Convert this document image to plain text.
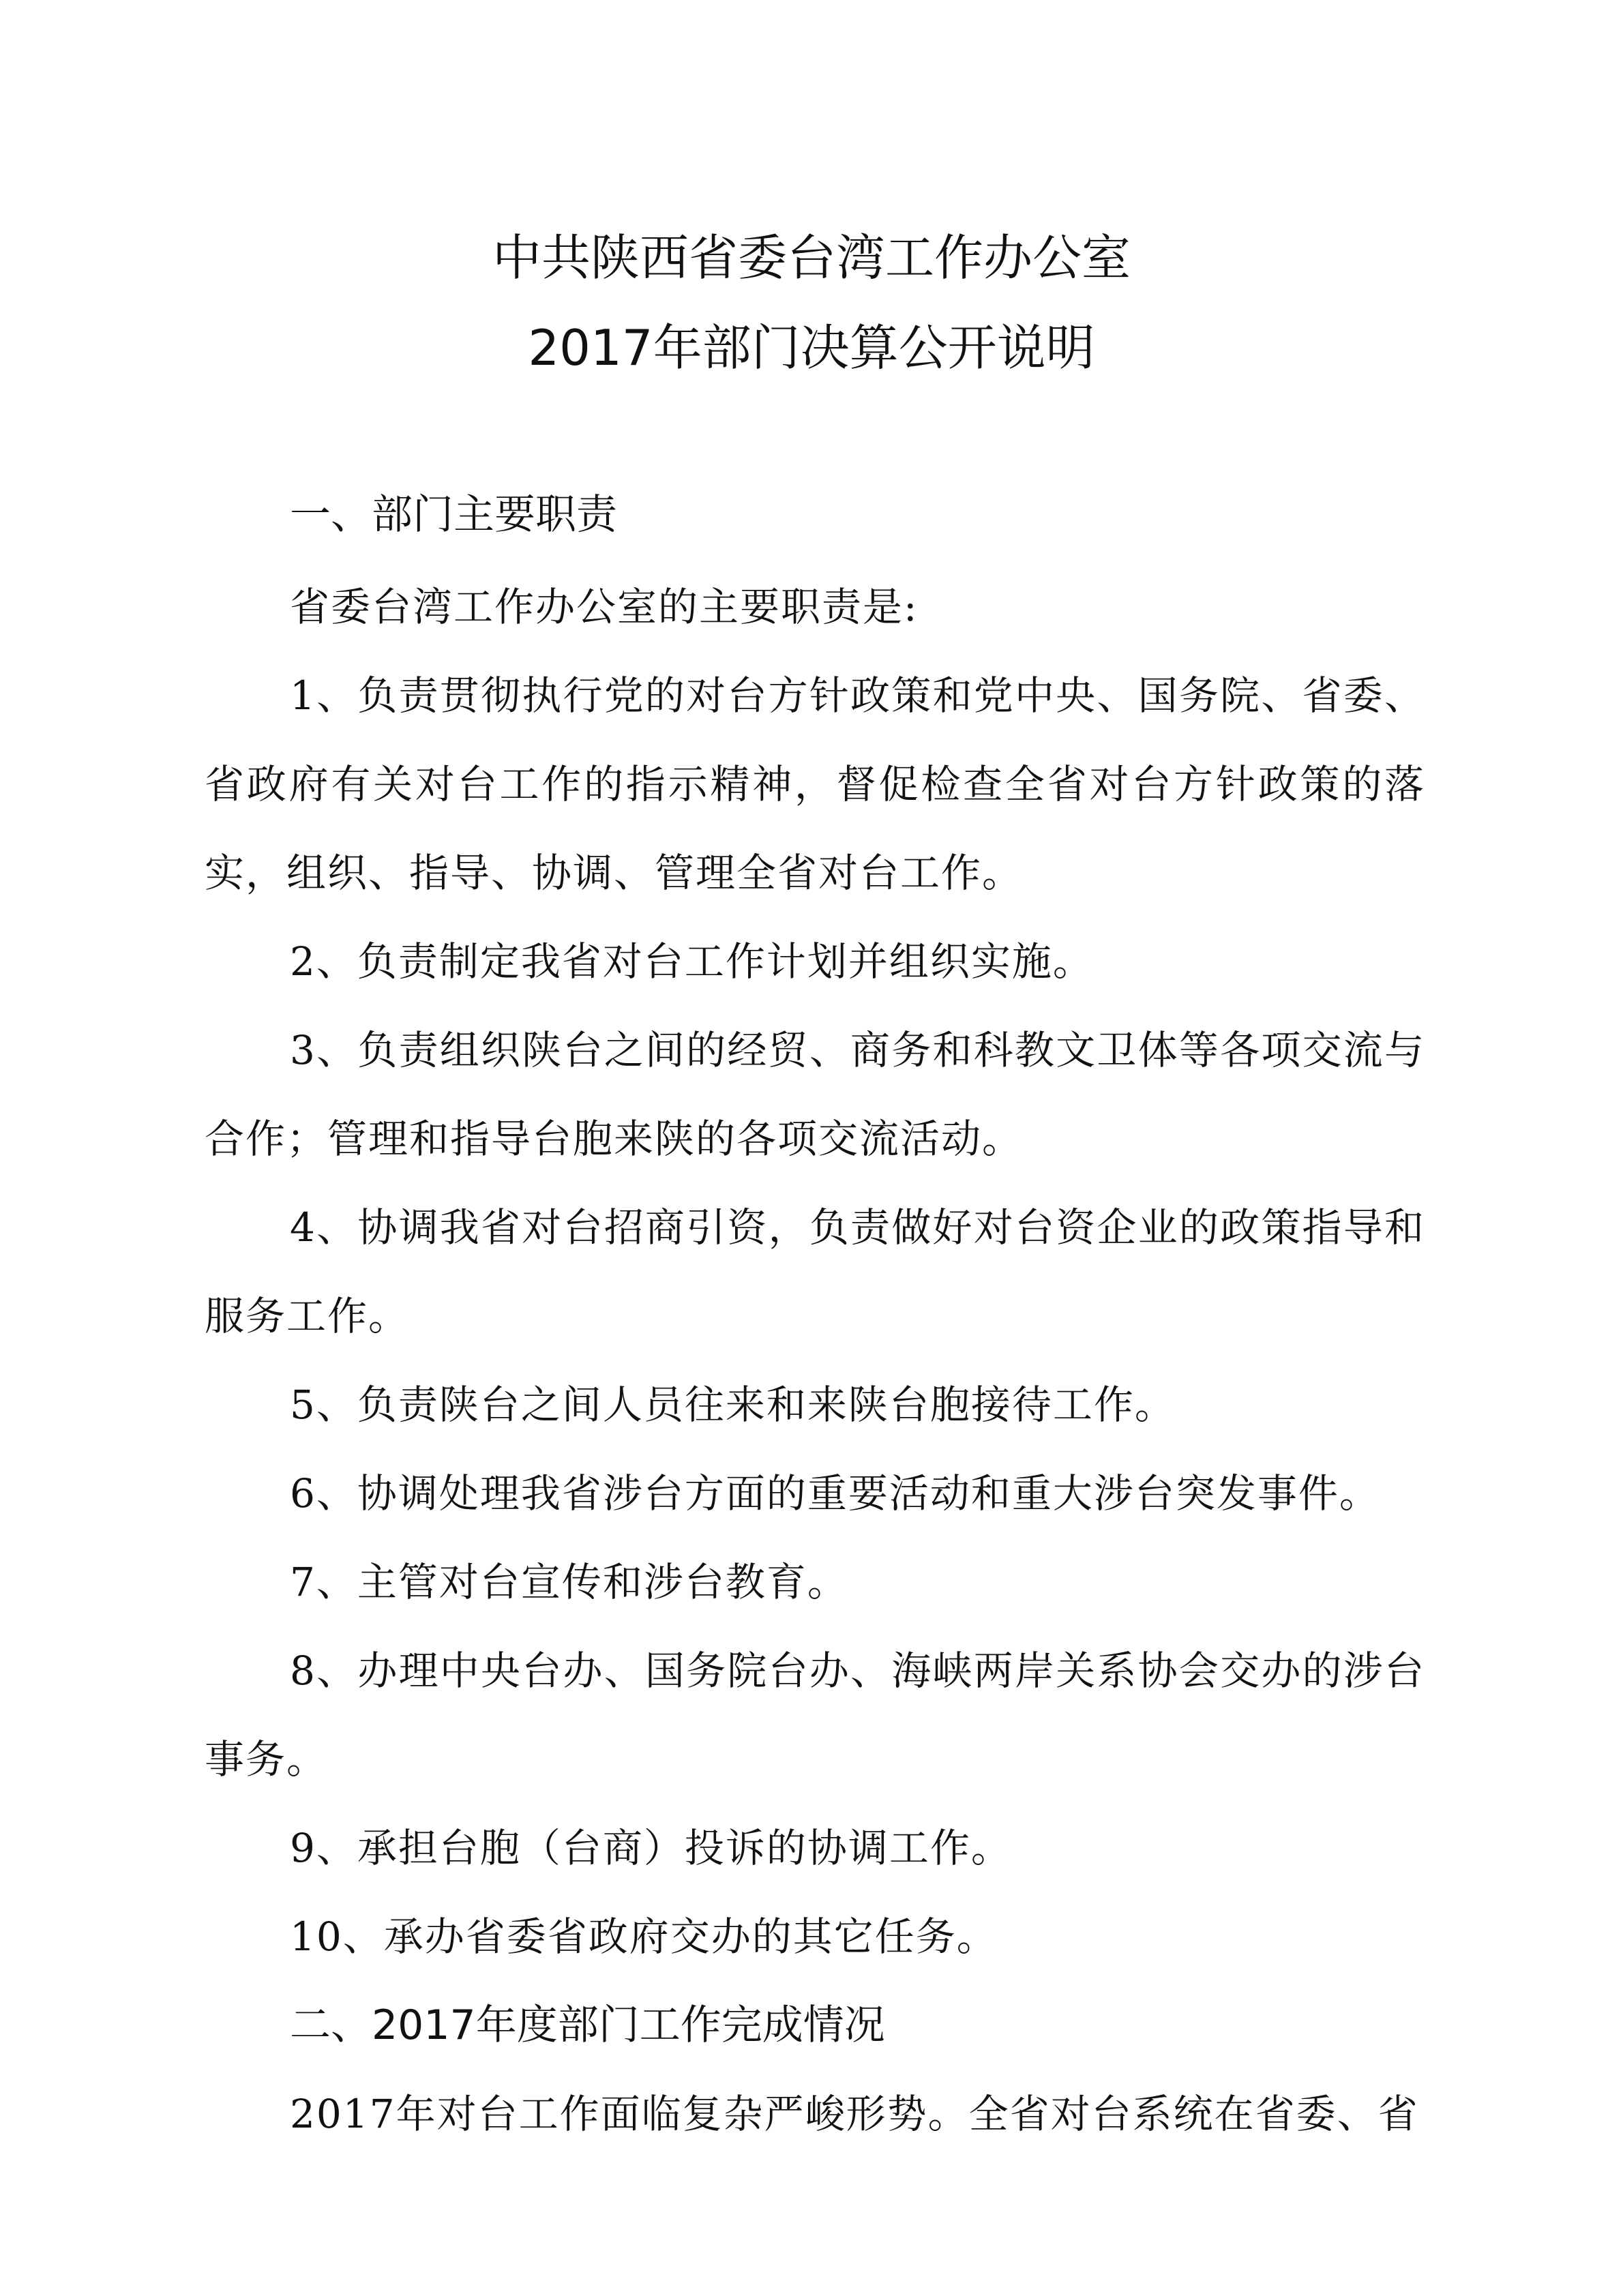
中共陕西省委台湾工作办公室
2017年部门决算公开说明
一、部门主要职责
省委台湾工作办公室的主要职责是:
1、负责贯彻执行党的对台方针政策和党中央、国务院、省委、省政府有关对台工作的指示精神，督促检查全省对台方针政策的落实，组织、指导、协调、管理全省对台工作。
2、负责制定我省对台工作计划并组织实施。
3、负责组织陕台之间的经贸、商务和科教文卫体等各项交流与合作；管理和指导台胞来陕的各项交流活动。
4、协调我省对台招商引资，负责做好对台资企业的政策指导和服务工作。
5、负责陕台之间人员往来和来陕台胞接待工作。
6、协调处理我省涉台方面的重要活动和重大涉台突发事件。
7、主管对台宣传和涉台教育。
8、办理中央台办、国务院台办、海峡两岸关系协会交办的涉台事务。
9、承担台胞（台商）投诉的协调工作。
10、承办省委省政府交办的其它任务。
二、2017年度部门工作完成情况
2017年对台工作面临复杂严峻形势。全省对台系统在省委、省
